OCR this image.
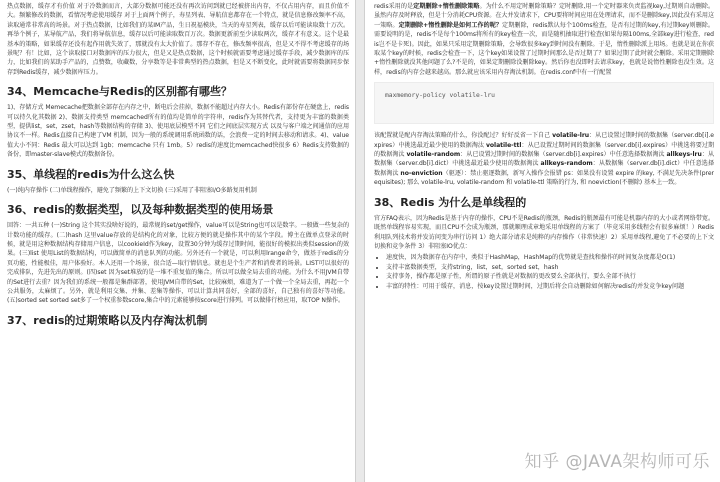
热点数据，缓存才有价值 对于冷数据而言，大部分数据可能还没有再次访问到就已经被挤出内存，不仅占用内存，而且价值不大。频繁修改的数据，看情况考虑使用缓存 对于上面两个例子，寿星列表、导航信息都存在一个特点，就是信息修改频率不高，读取通常非常高的场景。对于热点数据，比如我们的某IM产品，生日祝福模块，当天的寿星列表，缓存以后可能读取数十万次。再举个例子，某导航产品，我们将导航信息，缓存以后可能读取数百万次。数据更新前至少读取两次，缓存才有意义。这个是最基本的策略，如果缓存还没有起作用就失效了，那就没有太大价值了。那存不存在，修改频率很高，但是又不得不考虑缓存的场景呢？有！比如，这个读取接口对数据库的压力很大，但是又是热点数据，这个时候就需要考虑通过缓存手段，减少数据库的压力，比如我们的某助手产品的，点赞数，收藏数，分享数等是非常典型的热点数据，但是又不断变化，此时就需要将数据同步保存到Redis缓存，减少数据库压力。

34、Memcache与Redis的区别都有哪些？

1)、存储方式 Memecache把数据全部存在内存之中，断电后会挂掉，数据不能超过内存大小。Redis有部份存在硬盘上，redis可以持久化其数据 2)、数据支持类型 memcached所有的值均是简单的字符串，redis作为其替代者，支持更为丰富的数据类型，提供list，set，zset，hash等数据结构的存储 3)、使用底层模型不同 它们之间底层实现方式 以及与客户端之间通信的应用协议不一样。Redis直接自己构建了VM 机制，因为一般的系统调用系统函数的话，会浪费一定的时间去移动和请求。4)、value 值大小不同：Redis 最大可以达到 1gb；memcache 只有 1mb。5）redis的速度比memcached快很多 6）Redis支持数据的备份，即master-slave模式的数据备份。

35、单线程的redis为什么这么快

(一)纯内存操作 (二)单线程操作，避免了频繁的上下文切换 (三)采用了非阻塞I/O多路复用机制

36、redis的数据类型，以及每种数据类型的使用场景

回答：一共五种 (一)String 这个其实没啥好说的，最常规的set/get操作，value可以是String也可以是数字。一般做一些复杂的计数功能的缓存。(二)hash 这里value存放的是结构化的对象，比较方便的就是操作其中的某个字段。博主在做单点登录的时候，就是用这种数据结构存储用户信息，以cookieId作为key，设置30分钟为缓存过期时间，能很好的模拟出类似session的效果。(三)list 使用List的数据结构，可以做简单的消息队列的功能。另外还有一个就是，可以利用lrange命令，做基于redis的分页功能，性能极佳，用户体验好。本人还用一个场景，很合适—取行情信息。就也是个生产者和消费者的场景。LIST可以很好的完成排队，先进先出的原则。(四)set 因为set堆放的是一堆不重复值的集合。所以可以做全局去重的功能。为什么不用JVM自带的Set进行去重？因为我们的系统一般都是集群部署，使用JVM自带的Set，比较麻烦，难道为了一个做一个全局去重，再起一个公共服务，太麻烦了。另外，就是利用交集、并集、差集等操作，可以计算共同喜好，全部的喜好，自己独有的喜好等功能。(五)sorted set sorted set多了一个权重参数score,集合中的元素能够按score进行排列。可以做排行榜应用，取TOP N操作。

37、redis的过期策略以及内存淘汰机制

redis采用的是定期删除+惰性删除策略。为什么不用定时删除策略？定时删除,用一个定时器来负责监视key,过期则自动删除。虽然内存及时释放，但是十分消耗CPU资源。在大并发请求下，CPU要将时间应用在处理请求，而不是删除key,因此没有采用这一策略。定期删除+惰性删除是如何工作的呢？定期删除，redis默认每个100ms检查，是否有过期的key,有过期key则删除。需要说明的是，redis不是每个100ms将所有的key检查一次，而是随机抽取进行检查(如果每隔100ms,全部key进行检查，redis岂不是卡死)。因此，如果只采用定期删除策略，会导致很多key到时间没有删除。于是，惰性删除派上用场。也就是说在你获取某个key的时候，redis会检查一下，这个key如果设置了过期时间那么是否过期了？如果过期了此时就会删除。采用定期删除+惰性删除就没其他问题了么?不是的，如果定期删除没删除key。然后你也没即时去请求key，也就是说惰性删除也没生效。这样，redis的内存会越来越高。那么就应该采用内存淘汰机制。在redis.conf中有一行配置

maxmemory-policy volatile-lru

该配置就是配内存淘汰策略的什么，你没配过？好好反省一下自己 volatile-lru：从已设置过期时间的数据集（server.db[i].expires）中挑选最近最少使用的数据淘汰 volatile-ttl：从已设置过期时间的数据集（server.db[i].expires）中挑选将要过期的数据淘汰 volatile-random：从已设置过期时间的数据集（server.db[i].expires）中任意选择数据淘汰 allkeys-lru：从数据集（server.db[i].dict）中挑选最近最少使用的数据淘汰 allkeys-random：从数据集（server.db[i].dict）中任意选择数据淘汰 no-enviction（驱逐）：禁止驱逐数据，新写入操作会报错 ps：如果没有设置 expire 的key, 不满足先决条件(prerequisites); 那么 volatile-lru, volatile-random 和 volatile-ttl 策略的行为, 和 noeviction(不删除) 基本上一致。

38、Redis 为什么是单线程的

官方FAQ表示，因为Redis是基于内存的操作，CPU不是Redis的瓶颈，Redis的瓶颈最有可能是机器内存的大小或者网络带宽。既然单线程容易实现，而且CPU不会成为瓶颈，那就顺理成章地采用单线程的方案了（毕竟采用多线程会有很多麻烦！）Redis利用队列技术将并发访问变为串行访问 1）绝大部分请求是纯粹的内存操作（非常快速）2）采用单线程,避免了不必要的上下文切换和竞争条件 3）非阻塞IO优点：

• 速度快，因为数据存在内存中，类似于HashMap，HashMap的优势就是查找和操作的时间复杂度都是O(1)
• 支持丰富数据类型，支持string，list，set，sorted set，hash
• 支持事务，操作都是原子性，所谓的原子性就是对数据的更改要么全部执行，要么全部不执行
• 丰富的特性：可用于缓存，消息，按key设置过期时间，过期后将会自动删除如何解决redis的并发竞争key问题
知乎 @JAVA架构师可乐
